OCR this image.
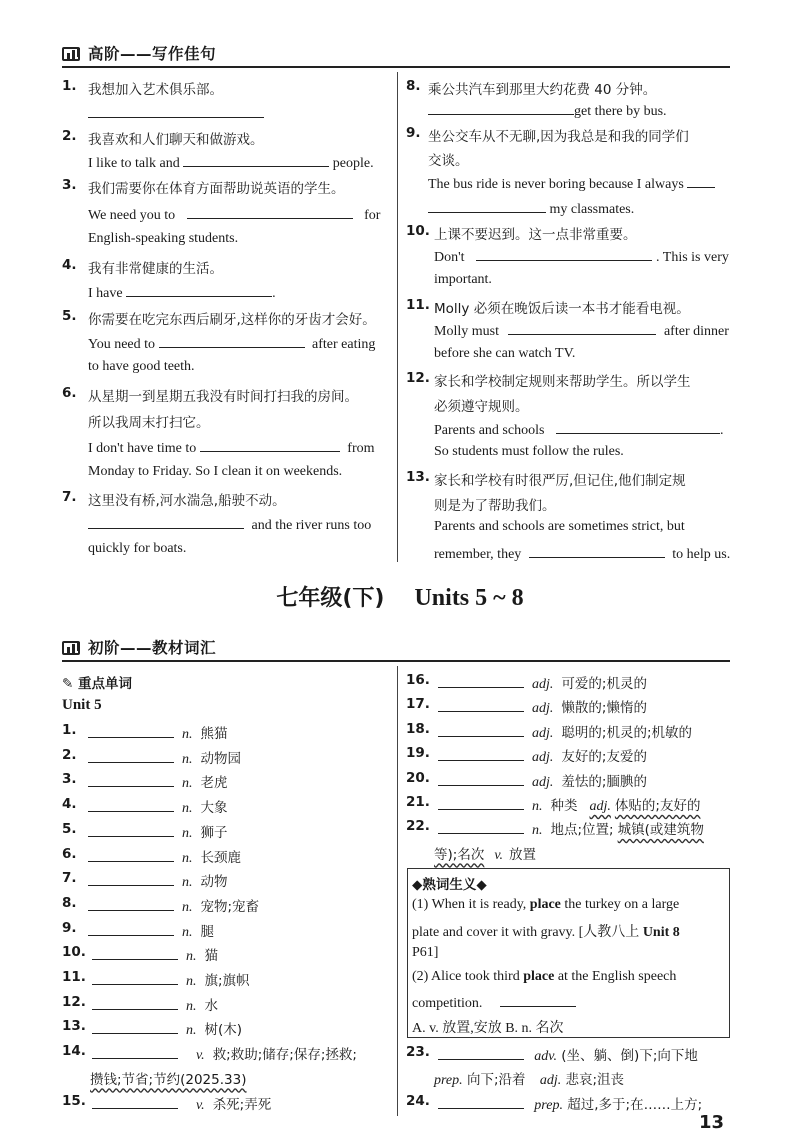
高阶——写作佳句
1. 我想加入艺术俱乐部。
2. 我喜欢和人们聊天和做游戏。
I like to talk and	people.
3. 我们需要你在体育方面帮助说英语的学生。
We need you to	for
English-speaking students.
4. 我有非常健康的生活。
I have	.
5. 你需要在吃完东西后刷牙,这样你的牙齿才会好。
You need to	after eating
to have good teeth.
6. 从星期一到星期五我没有时间打扫我的房间。
所以我周末打扫它。
I don't have time to	from
Monday to Friday. So I clean it on weekends.
7. 这里没有桥,河水湍急,船驶不动。
and the river runs too
quickly for boats.
8. 乘公共汽车到那里大约花费 40 分钟。
get there by bus.
9. 坐公交车从不无聊,因为我总是和我的同学们
交谈。
The bus ride is never boring because I always
my classmates.
10. 上课不要迟到。这一点非常重要。
Don't	. This is very
important.
11. Molly 必须在晚饭后读一本书才能看电视。
Molly must	after dinner
before she can watch TV.
12. 家长和学校制定规则来帮助学生。所以学生
必须遵守规则。
Parents and schools	.
So students must follow the rules.
13. 家长和学校有时很严厉,但记住,他们制定规
则是为了帮助我们。
Parents and schools are sometimes strict, but
remember, they	to help us.
七年级(下) Units 5 ~ 8
初阶——教材词汇
✎ 重点单词
Unit 5
1.	n. 熊猫
2.	n. 动物园
3.	n. 老虎
4.	n. 大象
5.	n. 狮子
6.	n. 长颈鹿
7.	n. 动物
8.	n. 宠物;宠畜
9.	n. 腿
10.	n. 猫
11.	n. 旗;旗帜
12.	n. 水
13.	n. 树(木)
14.	v. 救;救助;储存;保存;拯救;
攒钱;节省;节约(2025.33)
15.	v. 杀死;弄死
16.	adj. 可爱的;机灵的
17.	adj. 懒散的;懒惰的
18.	adj. 聪明的;机灵的;机敏的
19.	adj. 友好的;友爱的
20.	adj. 羞怯的;腼腆的
21.	n. 种类 adj. 体贴的;友好的
22.	n. 地点;位置; 城镇(或建筑物
等);名次 v. 放置
◆熟词生义◆
(1) When it is ready, place the turkey on a large
plate and cover it with gravy. [人教八上 Unit 8
P61]
(2) Alice took third place at the English speech
competition.
A. v. 放置,安放 B. n. 名次
23.	adv. (坐、躺、倒)下;向下地
prep. 向下;沿着 adj. 悲哀;沮丧
24.	prep. 超过,多于;在……上方;
13
